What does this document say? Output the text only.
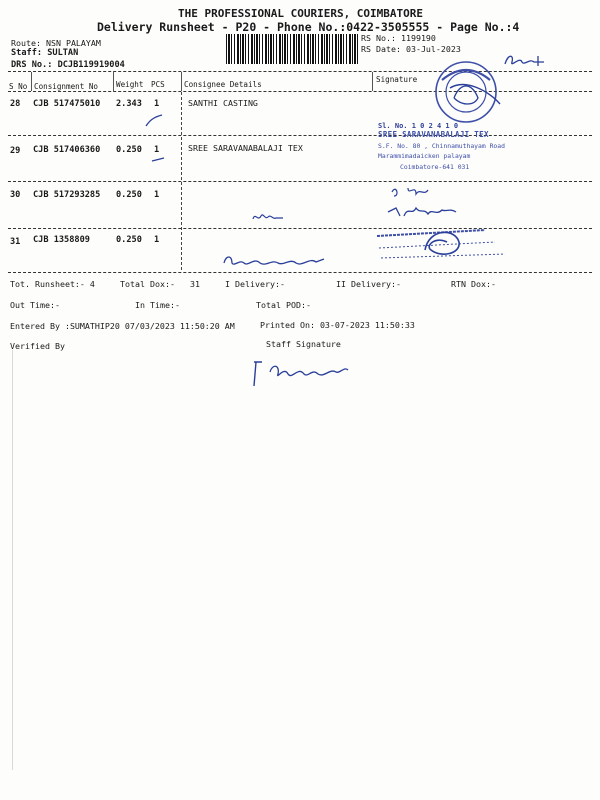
THE PROFESSIONAL COURIERS, COIMBATORE
Delivery Runsheet - P20 - Phone No.:0422-3505555 - Page No.:4
Route: NSN PALAYAM
Staff: SULTAN
DRS No.: DCJB119919004
RS No.: 1199190
RS Date: 03-Jul-2023
S No Consignment No Weight PCS	Consignee Details
Signature
28 CJB 517475010 2.343 1	SANTHI CASTING
29 CJB 517406360 0.250 1	SREE SARAVANABALAJI TEX
30 CJB 517293285 0.250 1
31 CJB 1358809	0.250 1
Sl. No. 1 0 2 4 1 0
SREE SARAVANABALAJI TEX
S.F. No. 80 , Chinnamuthayam Road
Marammimadaicken palayam
Coimbatore-641 031
Tot. Runsheet:- 4	Total Dox:- 31	I Delivery:-	II Delivery:-	RTN Dox:-
Out Time:-	In Time:-	Total POD:-
Entered By :SUMATHIP20 07/03/2023 11:50:20 AM	Printed On: 03-07-2023 11:50:33
Verified By	Staff Signature
